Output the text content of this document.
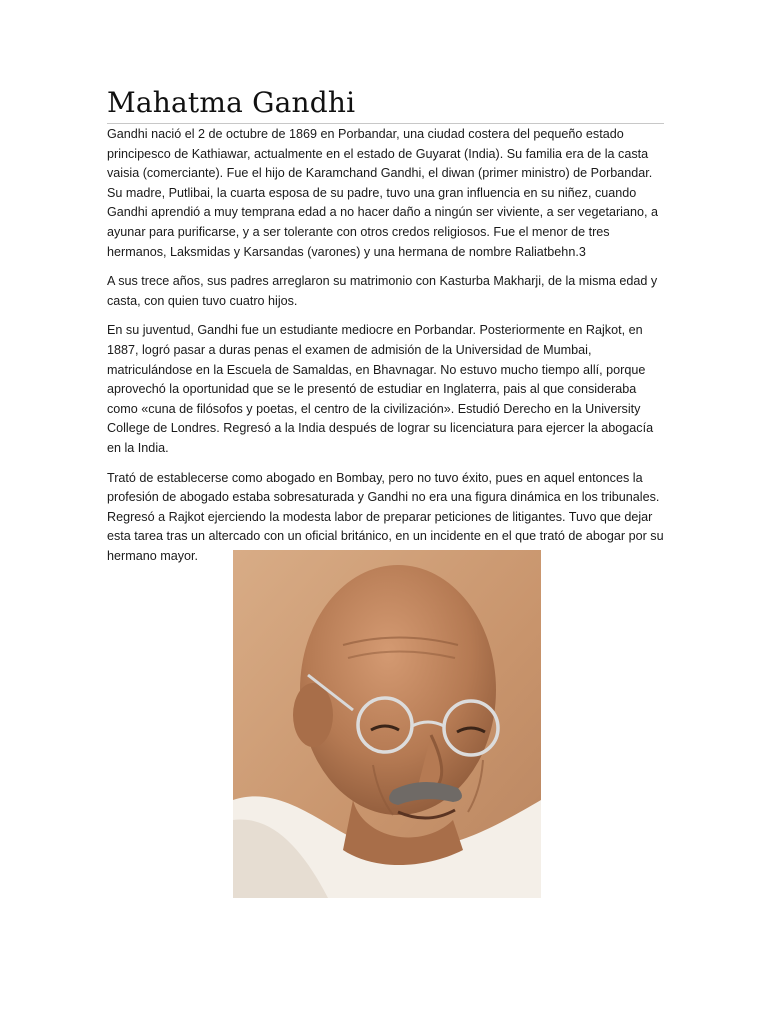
Mahatma Gandhi

Gandhi nació el 2 de octubre de 1869 en Porbandar, una ciudad costera del pequeño estado principesco de Kathiawar, actualmente en el estado de Guyarat (India). Su familia era de la casta vaisia (comerciante). Fue el hijo de Karamchand Gandhi, el diwan (primer ministro) de Porbandar. Su madre, Putlibai, la cuarta esposa de su padre, tuvo una gran influencia en su niñez, cuando Gandhi aprendió a muy temprana edad a no hacer daño a ningún ser viviente, a ser vegetariano, a ayunar para purificarse, y a ser tolerante con otros credos religiosos. Fue el menor de tres hermanos, Laksmidas y Karsandas (varones) y una hermana de nombre Raliatbehn.3

A sus trece años, sus padres arreglaron su matrimonio con Kasturba Makharji, de la misma edad y casta, con quien tuvo cuatro hijos.

En su juventud, Gandhi fue un estudiante mediocre en Porbandar. Posteriormente en Rajkot, en 1887, logró pasar a duras penas el examen de admisión de la Universidad de Mumbai, matriculándose en la Escuela de Samaldas, en Bhavnagar. No estuvo mucho tiempo allí, porque aprovechó la oportunidad que se le presentó de estudiar en Inglaterra, pais al que consideraba como «cuna de filósofos y poetas, el centro de la civilización». Estudió Derecho en la University College de Londres. Regresó a la India después de lograr su licenciatura para ejercer la abogacía en la India.

Trató de establecerse como abogado en Bombay, pero no tuvo éxito, pues en aquel entonces la profesión de abogado estaba sobresaturada y Gandhi no era una figura dinámica en los tribunales. Regresó a Rajkot ejerciendo la modesta labor de preparar peticiones de litigantes. Tuvo que dejar esta tarea tras un altercado con un oficial británico, en un incidente en el que trató de abogar por su hermano mayor.
